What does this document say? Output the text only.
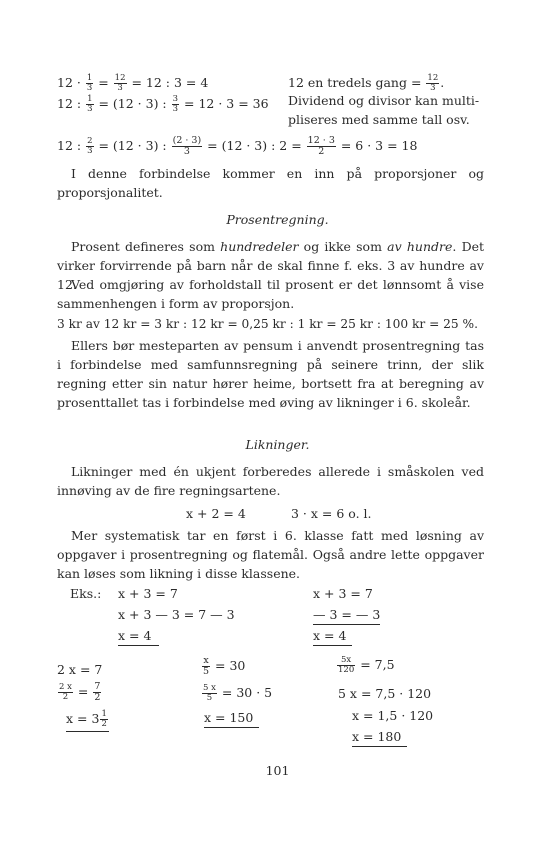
$12 \cdot \frac{1}{3} = \frac{12}{3} = 12$ : 3 = 4	12 en tredels gang = $\frac{12}{3}$ .
12 : $\frac{1}{3} = (12 \cdot 3)$ : $\frac{3}{3} = 12 \cdot 3 = 36$ Dividend og divisor kan multi-
pliseres med samme tall osv.
12 : $\frac{2}{3} = (12 \cdot 3)$ : $\frac{(2 \cdot 3)}{3} = (12 \cdot 3)$ : $2 = \frac{12 \cdot 3}{2} = 6 \cdot 3 = 18$
I denne forbindelse kommer en inn på proporsjoner og proporsjonalitet.
Prosentregning.
Prosent defineres som hundredeler og ikke som av hundre. Det virker forvirrende på barn når de skal finne f. eks. 3 av hundre av 12.
Ved omgjøring av forholdstall til prosent er det lønnsomt å vise sammenhengen i form av proporsjon.
3 kr av 12 kr = 3 kr : 12 kr = 0,25 kr : 1 kr = 25 kr : 100 kr = 25 %.
Ellers bør mesteparten av pensum i anvendt prosentregning tas i forbindelse med samfunnsregning på seinere trinn, der slik regning etter sin natur hører heime, bortsett fra at beregning av prosenttallet tas i forbindelse med øving av likninger i 6. skoleår.
Likninger.
Likninger med én ukjent forberedes allerede i småskolen ved innøving av de fire regningsartene.
x + 2 = 4	3 · x = 6 o. l.
Mer systematisk tar en først i 6. klasse fatt med løsning av oppgaver i prosentregning og flatemål. Også andre lette oppgaver kan løses som likning i disse klassene.
Eks.: x + 3 = 7
x + 3 — 3 = 7 — 3
x = 4
x + 3 = 7
— 3 = — 3
x = 4
2 x = 7
$\frac{2 x}{2} = \frac{7}{2}$
$x = 3 \frac{1}{2}$
$\frac{x}{5} = 30$
$\frac{5 x}{5} = 30 \cdot 5$
x = 150
$\frac{5x}{120} = 7,5$
5 x = 7,5 · 120
x = 1,5 · 120
x = 180
101
